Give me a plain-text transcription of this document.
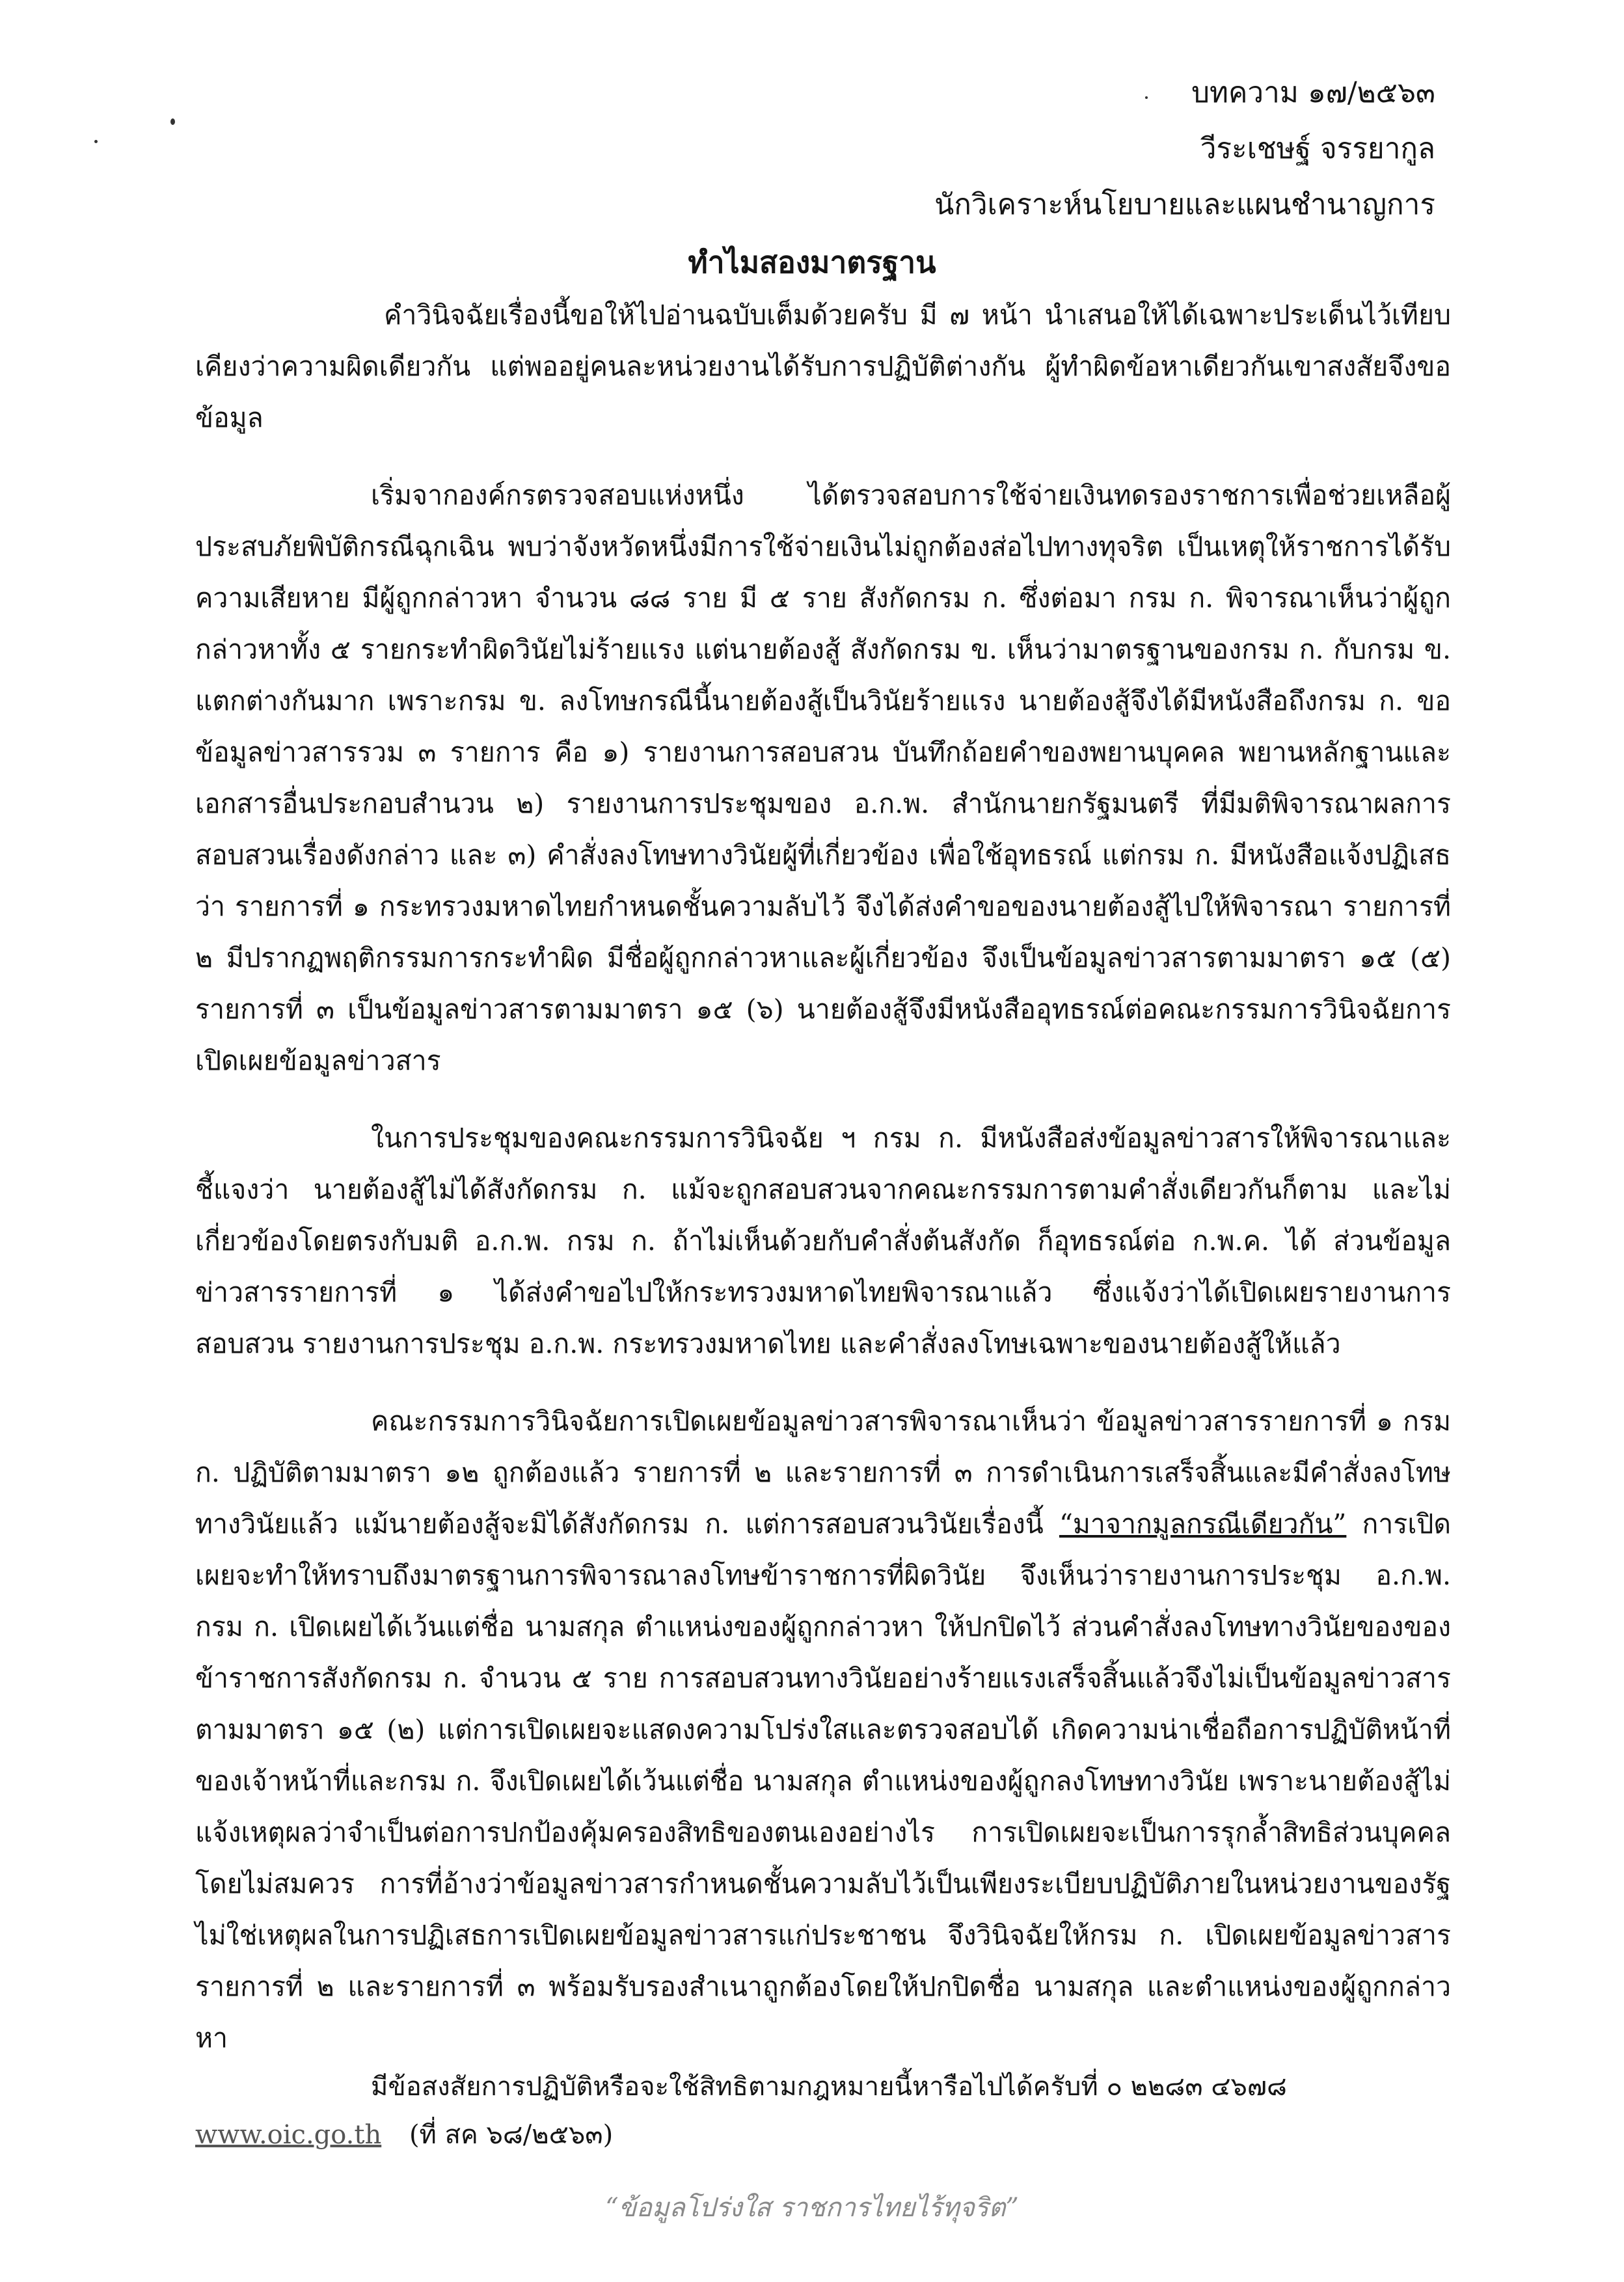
บทความ ๑๗/๒๕๖๓
วีระเชษฐ์ จรรยากูล
นักวิเคราะห์นโยบายและแผนชำนาญการ
ทำไมสองมาตรฐาน

คำวินิจฉัยเรื่องนี้ขอให้ไปอ่านฉบับเต็มด้วยครับ มี ๗ หน้า นำเสนอให้ได้เฉพาะประเด็นไว้เทียบเคียงว่าความผิดเดียวกัน แต่พออยู่คนละหน่วยงานได้รับการปฏิบัติต่างกัน ผู้ทำผิดข้อหาเดียวกันเขาสงสัยจึงขอข้อมูล

เริ่มจากองค์กรตรวจสอบแห่งหนึ่ง ได้ตรวจสอบการใช้จ่ายเงินทดรองราชการเพื่อช่วยเหลือผู้ประสบภัยพิบัติกรณีฉุกเฉิน พบว่าจังหวัดหนึ่งมีการใช้จ่ายเงินไม่ถูกต้องส่อไปทางทุจริต เป็นเหตุให้ราชการได้รับความเสียหาย มีผู้ถูกกล่าวหา จำนวน ๘๘ ราย มี ๕ ราย สังกัดกรม ก. ซึ่งต่อมา กรม ก. พิจารณาเห็นว่าผู้ถูกกล่าวหาทั้ง ๕ รายกระทำผิดวินัยไม่ร้ายแรง แต่นายต้องสู้ สังกัดกรม ข. เห็นว่ามาตรฐานของกรม ก. กับกรม ข. แตกต่างกันมาก เพราะกรม ข. ลงโทษกรณีนี้นายต้องสู้เป็นวินัยร้ายแรง นายต้องสู้จึงได้มีหนังสือถึงกรม ก. ขอข้อมูลข่าวสารรวม ๓ รายการ คือ ๑) รายงานการสอบสวน บันทึกถ้อยคำของพยานบุคคล พยานหลักฐานและเอกสารอื่นประกอบสำนวน ๒) รายงานการประชุมของ อ.ก.พ. สำนักนายกรัฐมนตรี ที่มีมติพิจารณาผลการสอบสวนเรื่องดังกล่าว และ ๓) คำสั่งลงโทษทางวินัยผู้ที่เกี่ยวข้อง เพื่อใช้อุทธรณ์ แต่กรม ก. มีหนังสือแจ้งปฏิเสธว่า รายการที่ ๑ กระทรวงมหาดไทยกำหนดชั้นความลับไว้ จึงได้ส่งคำขอของนายต้องสู้ไปให้พิจารณา รายการที่ ๒ มีปรากฏพฤติกรรมการกระทำผิด มีชื่อผู้ถูกกล่าวหาและผู้เกี่ยวข้อง จึงเป็นข้อมูลข่าวสารตามมาตรา ๑๕ (๕) รายการที่ ๓ เป็นข้อมูลข่าวสารตามมาตรา ๑๕ (๖) นายต้องสู้จึงมีหนังสืออุทธรณ์ต่อคณะกรรมการวินิจฉัยการเปิดเผยข้อมูลข่าวสาร

ในการประชุมของคณะกรรมการวินิจฉัย ฯ กรม ก. มีหนังสือส่งข้อมูลข่าวสารให้พิจารณาและชี้แจงว่า นายต้องสู้ไม่ได้สังกัดกรม ก. แม้จะถูกสอบสวนจากคณะกรรมการตามคำสั่งเดียวกันก็ตาม และไม่เกี่ยวข้องโดยตรงกับมติ อ.ก.พ. กรม ก. ถ้าไม่เห็นด้วยกับคำสั่งต้นสังกัด ก็อุทธรณ์ต่อ ก.พ.ค. ได้ ส่วนข้อมูลข่าวสารรายการที่ ๑ ได้ส่งคำขอไปให้กระทรวงมหาดไทยพิจารณาแล้ว ซึ่งแจ้งว่าได้เปิดเผยรายงานการสอบสวน รายงานการประชุม อ.ก.พ. กระทรวงมหาดไทย และคำสั่งลงโทษเฉพาะของนายต้องสู้ให้แล้ว

คณะกรรมการวินิจฉัยการเปิดเผยข้อมูลข่าวสารพิจารณาเห็นว่า ข้อมูลข่าวสารรายการที่ ๑ กรม ก. ปฏิบัติตามมาตรา ๑๒ ถูกต้องแล้ว รายการที่ ๒ และรายการที่ ๓ การดำเนินการเสร็จสิ้นและมีคำสั่งลงโทษทางวินัยแล้ว แม้นายต้องสู้จะมิได้สังกัดกรม ก. แต่การสอบสวนวินัยเรื่องนี้ “มาจากมูลกรณีเดียวกัน” การเปิดเผยจะทำให้ทราบถึงมาตรฐานการพิจารณาลงโทษข้าราชการที่ผิดวินัย จึงเห็นว่ารายงานการประชุม อ.ก.พ. กรม ก. เปิดเผยได้เว้นแต่ชื่อ นามสกุล ตำแหน่งของผู้ถูกกล่าวหา ให้ปกปิดไว้ ส่วนคำสั่งลงโทษทางวินัยของของข้าราชการสังกัดกรม ก. จำนวน ๕ ราย การสอบสวนทางวินัยอย่างร้ายแรงเสร็จสิ้นแล้วจึงไม่เป็นข้อมูลข่าวสารตามมาตรา ๑๕ (๒) แต่การเปิดเผยจะแสดงความโปร่งใสและตรวจสอบได้ เกิดความน่าเชื่อถือการปฏิบัติหน้าที่ของเจ้าหน้าที่และกรม ก. จึงเปิดเผยได้เว้นแต่ชื่อ นามสกุล ตำแหน่งของผู้ถูกลงโทษทางวินัย เพราะนายต้องสู้ไม่แจ้งเหตุผลว่าจำเป็นต่อการปกป้องคุ้มครองสิทธิของตนเองอย่างไร การเปิดเผยจะเป็นการรุกล้ำสิทธิส่วนบุคคลโดยไม่สมควร การที่อ้างว่าข้อมูลข่าวสารกำหนดชั้นความลับไว้เป็นเพียงระเบียบปฏิบัติภายในหน่วยงานของรัฐ ไม่ใช่เหตุผลในการปฏิเสธการเปิดเผยข้อมูลข่าวสารแก่ประชาชน จึงวินิจฉัยให้กรม ก. เปิดเผยข้อมูลข่าวสารรายการที่ ๒ และรายการที่ ๓ พร้อมรับรองสำเนาถูกต้องโดยให้ปกปิดชื่อ นามสกุล และตำแหน่งของผู้ถูกกล่าวหา

มีข้อสงสัยการปฏิบัติหรือจะใช้สิทธิตามกฎหมายนี้หารือไปได้ครับที่ ๐ ๒๒๘๓ ๔๖๗๘
www.oic.go.th (ที่ สค ๖๘/๒๕๖๓)
“ข้อมูลโปร่งใส ราชการไทยไร้ทุจริต”
